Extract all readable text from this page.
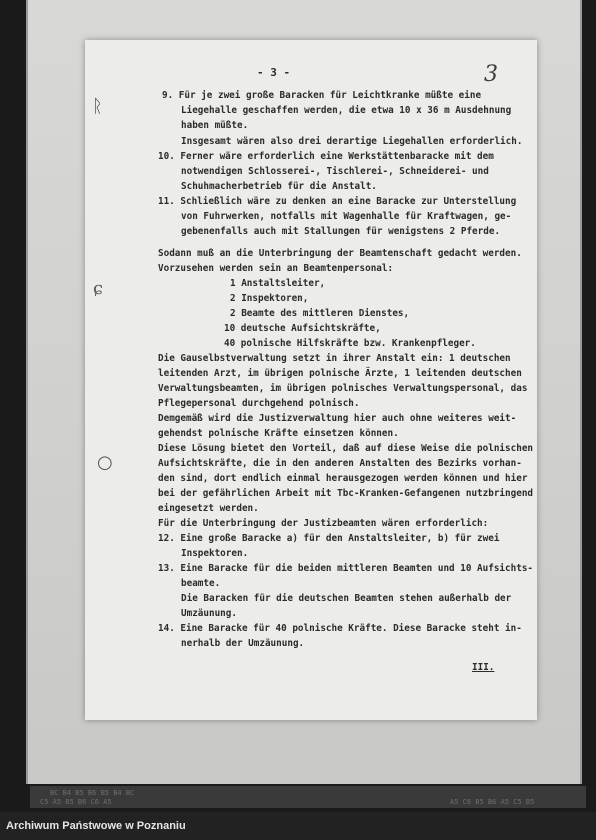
- 3 -	3
ᚱ
ɕ
○
9. Für je zwei große Baracken für Leichtkranke müßte eine
Liegehalle geschaffen werden, die etwa 10 x 36 m Ausdehnung
haben müßte.
Insgesamt wären also drei derartige Liegehallen erforderlich.
10. Ferner wäre erforderlich eine Werkstättenbaracke mit dem
notwendigen Schlosserei-, Tischlerei-, Schneiderei- und
Schuhmacherbetrieb für die Anstalt.
11. Schließlich wäre zu denken an eine Baracke zur Unterstellung
von Fuhrwerken, notfalls mit Wagenhalle für Kraftwagen, ge-
gebenenfalls auch mit Stallungen für wenigstens 2 Pferde.
Sodann muß an die Unterbringung der Beamtenschaft gedacht werden.
Vorzusehen werden sein an Beamtenpersonal:
1 Anstaltsleiter,
2 Inspektoren,
2 Beamte des mittleren Dienstes,
10 deutsche Aufsichtskräfte,
40 polnische Hilfskräfte bzw. Krankenpfleger.
Die Gauselbstverwaltung setzt in ihrer Anstalt ein: 1 deutschen
leitenden Arzt, im übrigen polnische Ärzte, 1 leitenden deutschen
Verwaltungsbeamten, im übrigen polnisches Verwaltungspersonal, das
Pflegepersonal durchgehend polnisch.
Demgemäß wird die Justizverwaltung hier auch ohne weiteres weit-
gehendst polnische Kräfte einsetzen können.
Diese Lösung bietet den Vorteil, daß auf diese Weise die polnischen
Aufsichtskräfte, die in den anderen Anstalten des Bezirks vorhan-
den sind, dort endlich einmal herausgezogen werden können und hier
bei der gefährlichen Arbeit mit Tbc-Kranken-Gefangenen nutzbringend
eingesetzt werden.
Für die Unterbringung der Justizbeamten wären erforderlich:
12. Eine große Baracke a) für den Anstaltsleiter, b) für zwei
Inspektoren.
13. Eine Baracke für die beiden mittleren Beamten und 10 Aufsichts-
beamte.
Die Baracken für die deutschen Beamten stehen außerhalb der
Umzäunung.
14. Eine Baracke für 40 polnische Kräfte. Diese Baracke steht in-
nerhalb der Umzäunung.
III.
BC B4 B5 B6 B5 B4 BC
C5 A5 B5 B6 C6 A5	A5 C6 B5 B6 A5 C5 B5
Archiwum Państwowe w Poznaniu
